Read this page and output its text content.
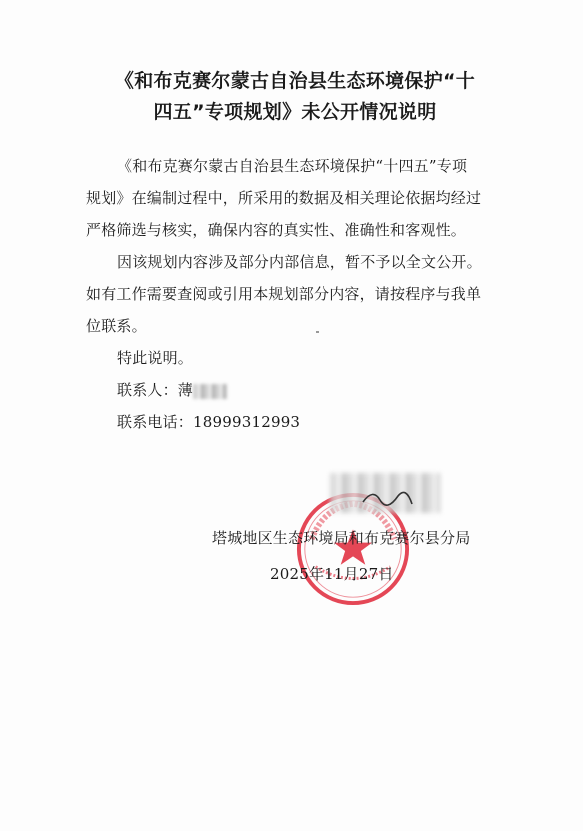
《和布克赛尔蒙古自治县生态环境保护“十
四五”专项规划》未公开情况说明
《和布克赛尔蒙古自治县生态环境保护“十四五”专项
规划》在编制过程中，所采用的数据及相关理论依据均经过
严格筛选与核实，确保内容的真实性、准确性和客观性。
因该规划内容涉及部分内部信息，暂不予以全文公开。
如有工作需要查阅或引用本规划部分内容，请按程序与我单
位联系。
特此说明。
联系人：薄
联系电话：18999312993
塔城地区生态环境局和布克赛尔县分局
2025年11月27日
